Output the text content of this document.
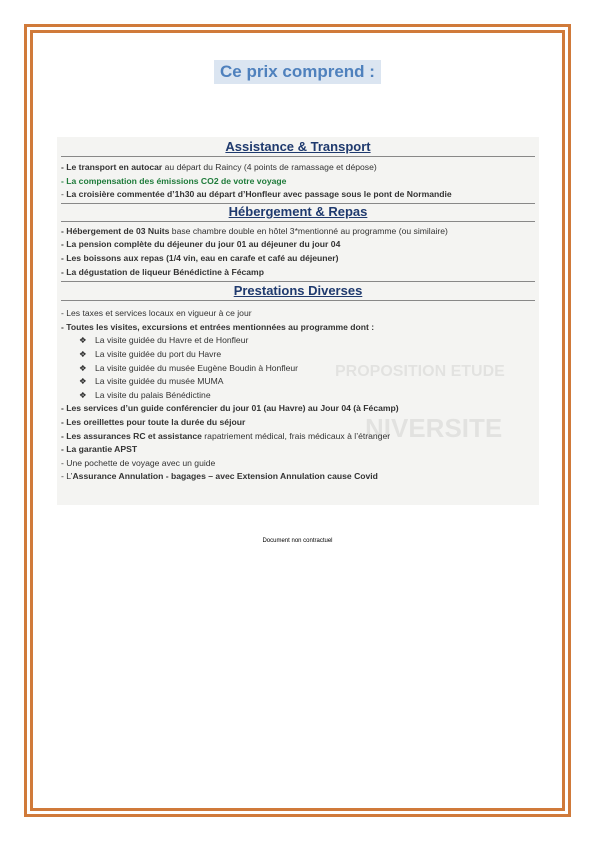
Ce prix comprend :
PROPOSITION ETUDE
NIVERSITE
Assistance & Transport
- Le transport en autocar au départ du Raincy (4 points de ramassage et dépose)
- La compensation des émissions CO2 de votre voyage
- La croisière commentée d’1h30 au départ d’Honfleur avec passage sous le pont de Normandie
Hébergement & Repas
- Hébergement de 03 Nuits base chambre double en hôtel 3*mentionné au programme (ou similaire)
- La pension complète du déjeuner du jour 01 au déjeuner du jour 04
- Les boissons aux repas (1/4 vin, eau en carafe et café au déjeuner)
- La dégustation de liqueur Bénédictine à Fécamp
Prestations Diverses
- Les taxes et services locaux en vigueur à ce jour
- Toutes les visites, excursions et entrées mentionnées au programme dont :
❖ La visite guidée du Havre et de Honfleur
❖ La visite guidée du port du Havre
❖ La visite guidée du musée Eugène Boudin à Honfleur
❖ La visite guidée du musée MUMA
❖ La visite du palais Bénédictine
- Les services d’un guide conférencier du jour 01 (au Havre) au Jour 04 (à Fécamp)
- Les oreillettes pour toute la durée du séjour
- Les assurances RC et assistance rapatriement médical, frais médicaux à l’étranger
- La garantie APST
- Une pochette de voyage avec un guide
- L’Assurance Annulation - bagages – avec Extension Annulation cause Covid
Document non contractuel
